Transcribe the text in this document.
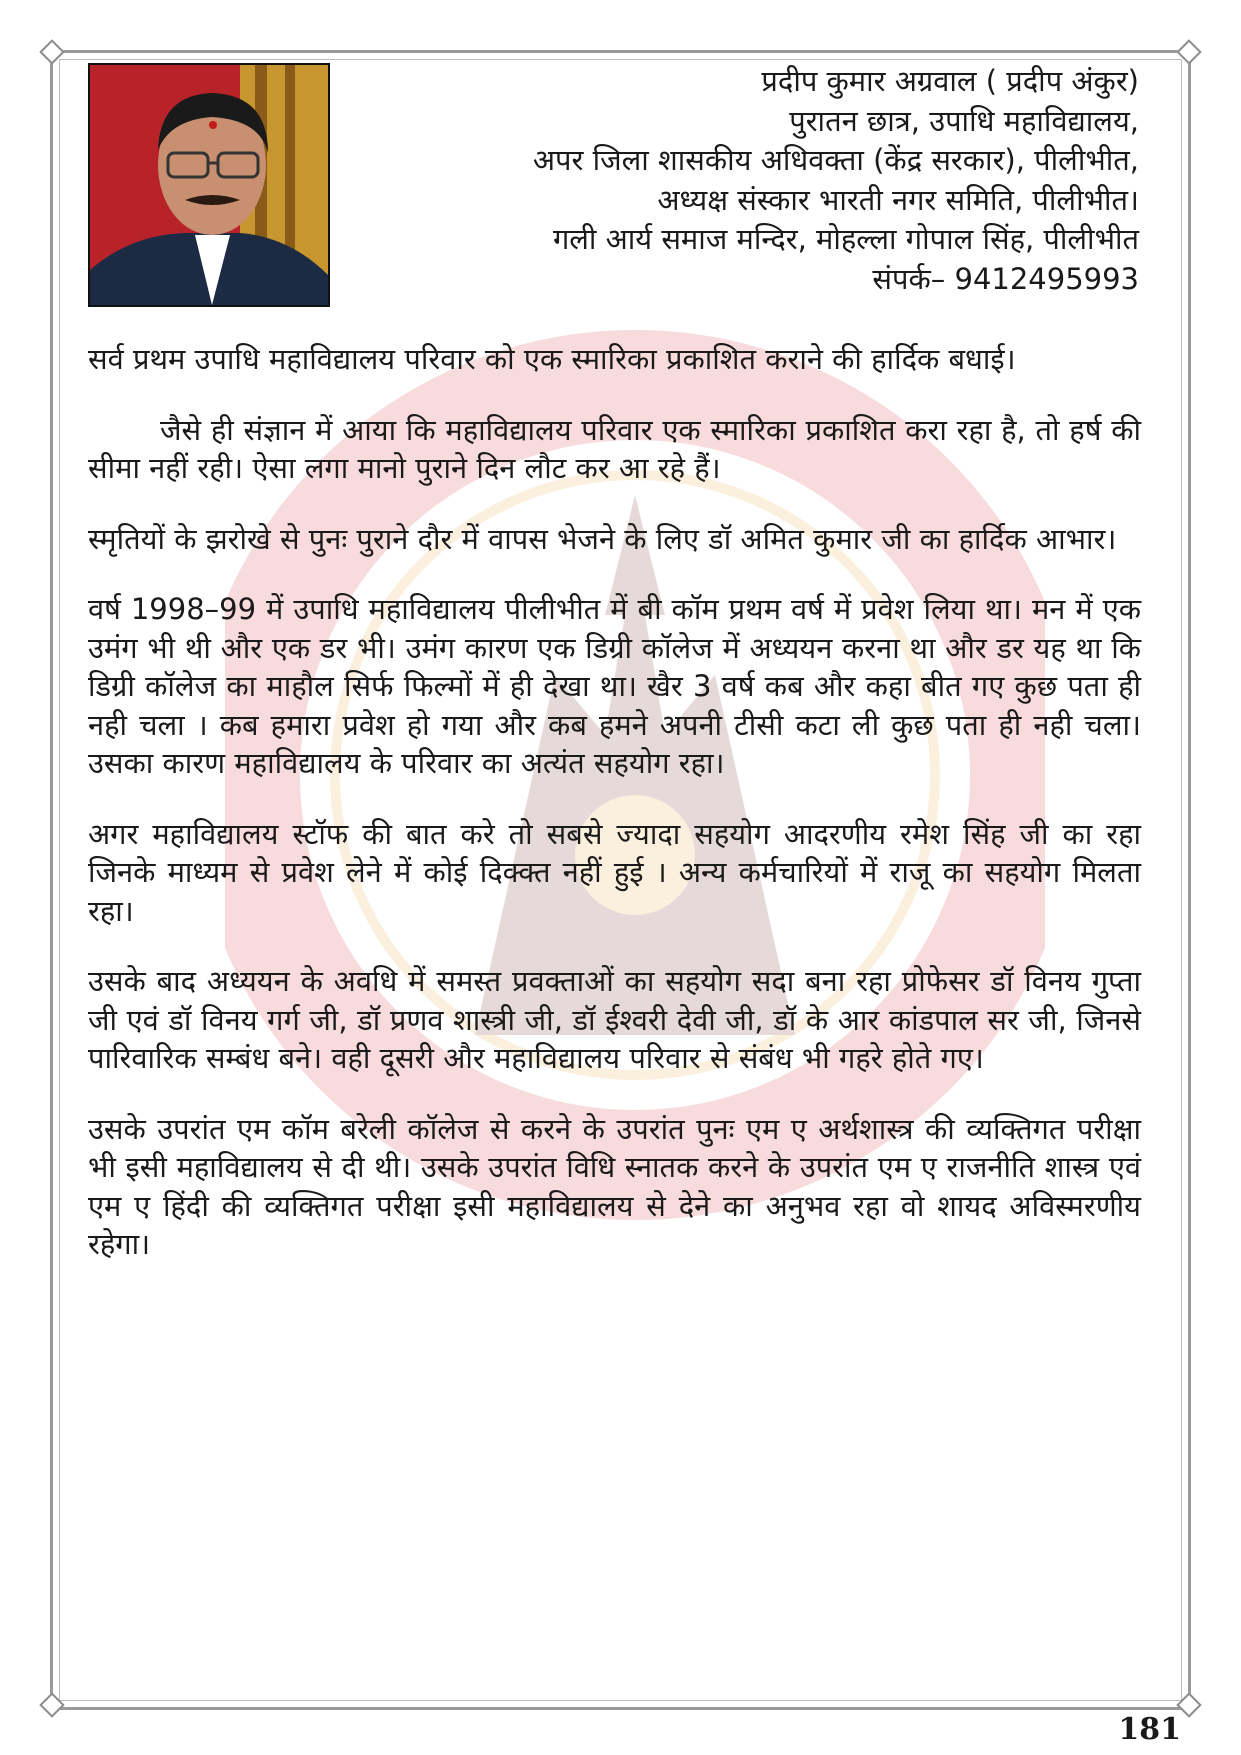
प्रदीप कुमार अग्रवाल ( प्रदीप अंकुर)
पुरातन छात्र, उपाधि महाविद्यालय,
अपर जिला शासकीय अधिवक्ता (केंद्र सरकार), पीलीभीत,
अध्यक्ष संस्कार भारती नगर समिति, पीलीभीत।
गली आर्य समाज मन्दिर, मोहल्ला गोपाल सिंह, पीलीभीत
संपर्क– 9412495993

सर्व प्रथम उपाधि महाविद्यालय परिवार को एक स्मारिका प्रकाशित कराने की हार्दिक बधाई।

जैसे ही संज्ञान में आया कि महाविद्यालय परिवार एक स्मारिका प्रकाशित करा रहा है, तो हर्ष की सीमा नहीं रही। ऐसा लगा मानो पुराने दिन लौट कर आ रहे हैं।

स्मृतियों के झरोखे से पुनः पुराने दौर में वापस भेजने के लिए डॉ अमित कुमार जी का हार्दिक आभार।

वर्ष 1998–99 में उपाधि महाविद्यालय पीलीभीत में बी कॉम प्रथम वर्ष में प्रवेश लिया था। मन में एक उमंग भी थी और एक डर भी। उमंग कारण एक डिग्री कॉलेज में अध्ययन करना था और डर यह था कि डिग्री कॉलेज का माहौल सिर्फ फिल्मों में ही देखा था। खैर 3 वर्ष कब और कहा बीत गए कुछ पता ही नही चला । कब हमारा प्रवेश हो गया और कब हमने अपनी टीसी कटा ली कुछ पता ही नही चला। उसका कारण महाविद्यालय के परिवार का अत्यंत सहयोग रहा।

अगर महाविद्यालय स्टॉफ की बात करे तो सबसे ज्यादा सहयोग आदरणीय रमेश सिंह जी का रहा जिनके माध्यम से प्रवेश लेने में कोई दिक्क्त नहीं हुई । अन्य कर्मचारियों में राजू का सहयोग मिलता रहा।

उसके बाद अध्ययन के अवधि में समस्त प्रवक्ताओं का सहयोग सदा बना रहा प्रोफेसर डॉ विनय गुप्ता जी एवं डॉ विनय गर्ग जी, डॉ प्रणव शास्त्री जी, डॉ ईश्वरी देवी जी, डॉ के आर कांडपाल सर जी, जिनसे पारिवारिक सम्बंध बने। वही दूसरी और महाविद्यालय परिवार से संबंध भी गहरे होते गए।

उसके उपरांत एम कॉम बरेली कॉलेज से करने के उपरांत पुनः एम ए अर्थशास्त्र की व्यक्तिगत परीक्षा भी इसी महाविद्यालय से दी थी। उसके उपरांत विधि स्नातक करने के उपरांत एम ए राजनीति शास्त्र एवं एम ए हिंदी की व्यक्तिगत परीक्षा इसी महाविद्यालय से देने का अनुभव रहा वो शायद अविस्मरणीय रहेगा।

181
